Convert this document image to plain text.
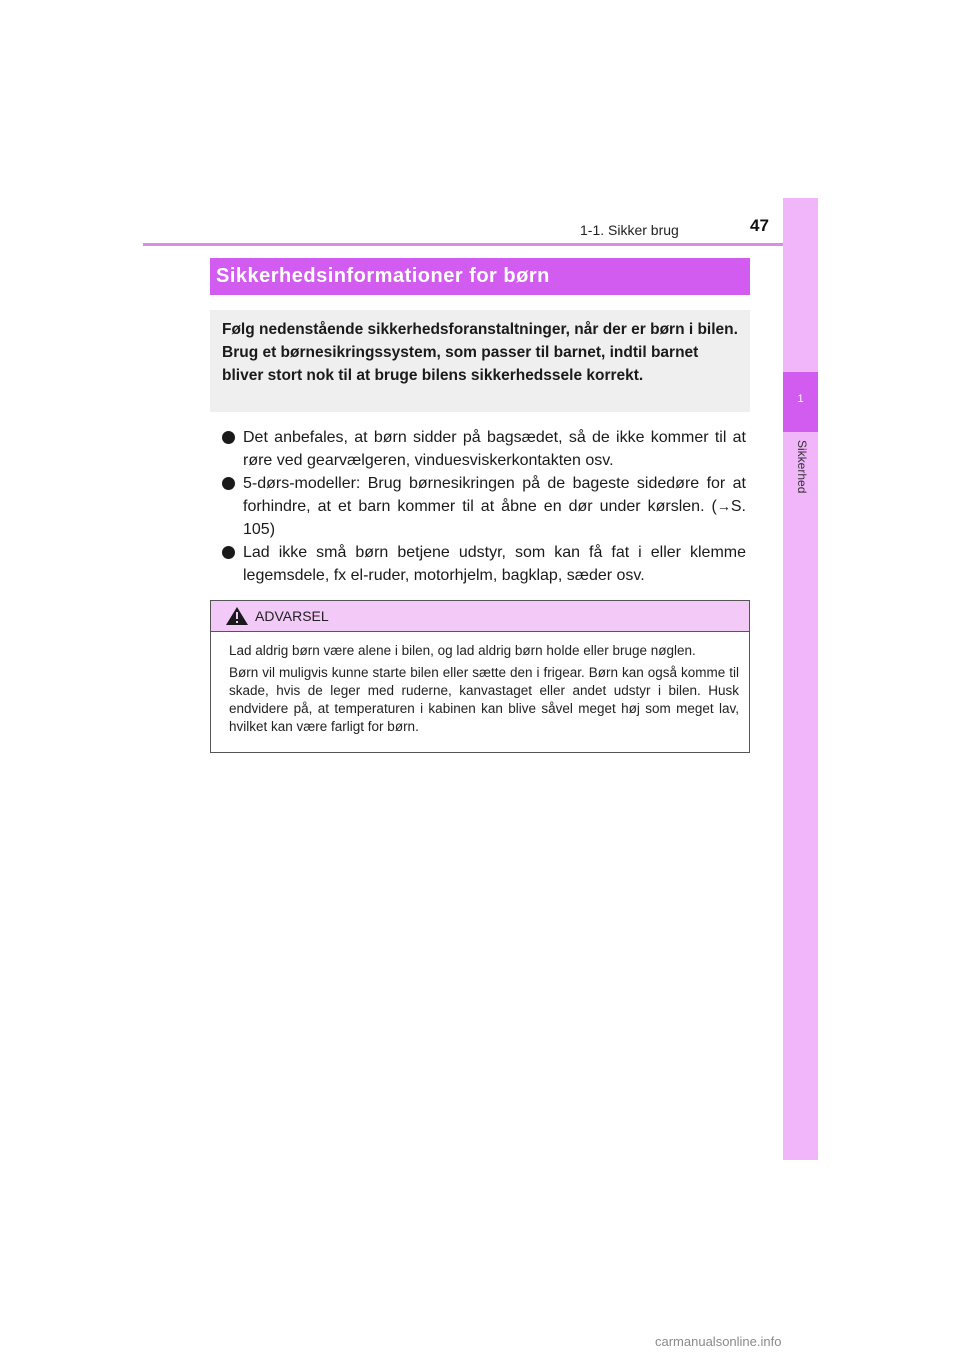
1-1. Sikker brug	47
1
Sikkerhed
Sikkerhedsinformationer for børn

Følg nedenstående sikkerhedsforanstaltninger, når der er børn i bilen.

Brug et børnesikringssystem, som passer til barnet, indtil barnet bliver stort nok til at bruge bilens sikkerhedssele korrekt.

Det anbefales, at børn sidder på bagsædet, så de ikke kommer til at røre ved gearvælgeren, vinduesviskerkontakten osv.
5-dørs-modeller: Brug børnesikringen på de bageste sidedøre for at forhindre, at et barn kommer til at åbne en dør under kørslen. (→S. 105)
Lad ikke små børn betjene udstyr, som kan få fat i eller klemme legemsdele, fx el-ruder, motorhjelm, bagklap, sæder osv.
ADVARSEL

Lad aldrig børn være alene i bilen, og lad aldrig børn holde eller bruge nøglen.

Børn vil muligvis kunne starte bilen eller sætte den i frigear. Børn kan også komme til skade, hvis de leger med ruderne, kanvastaget eller andet udstyr i bilen. Husk endvidere på, at temperaturen i kabinen kan blive såvel meget høj som meget lav, hvilket kan være farligt for børn.

carmanualsonline.info
